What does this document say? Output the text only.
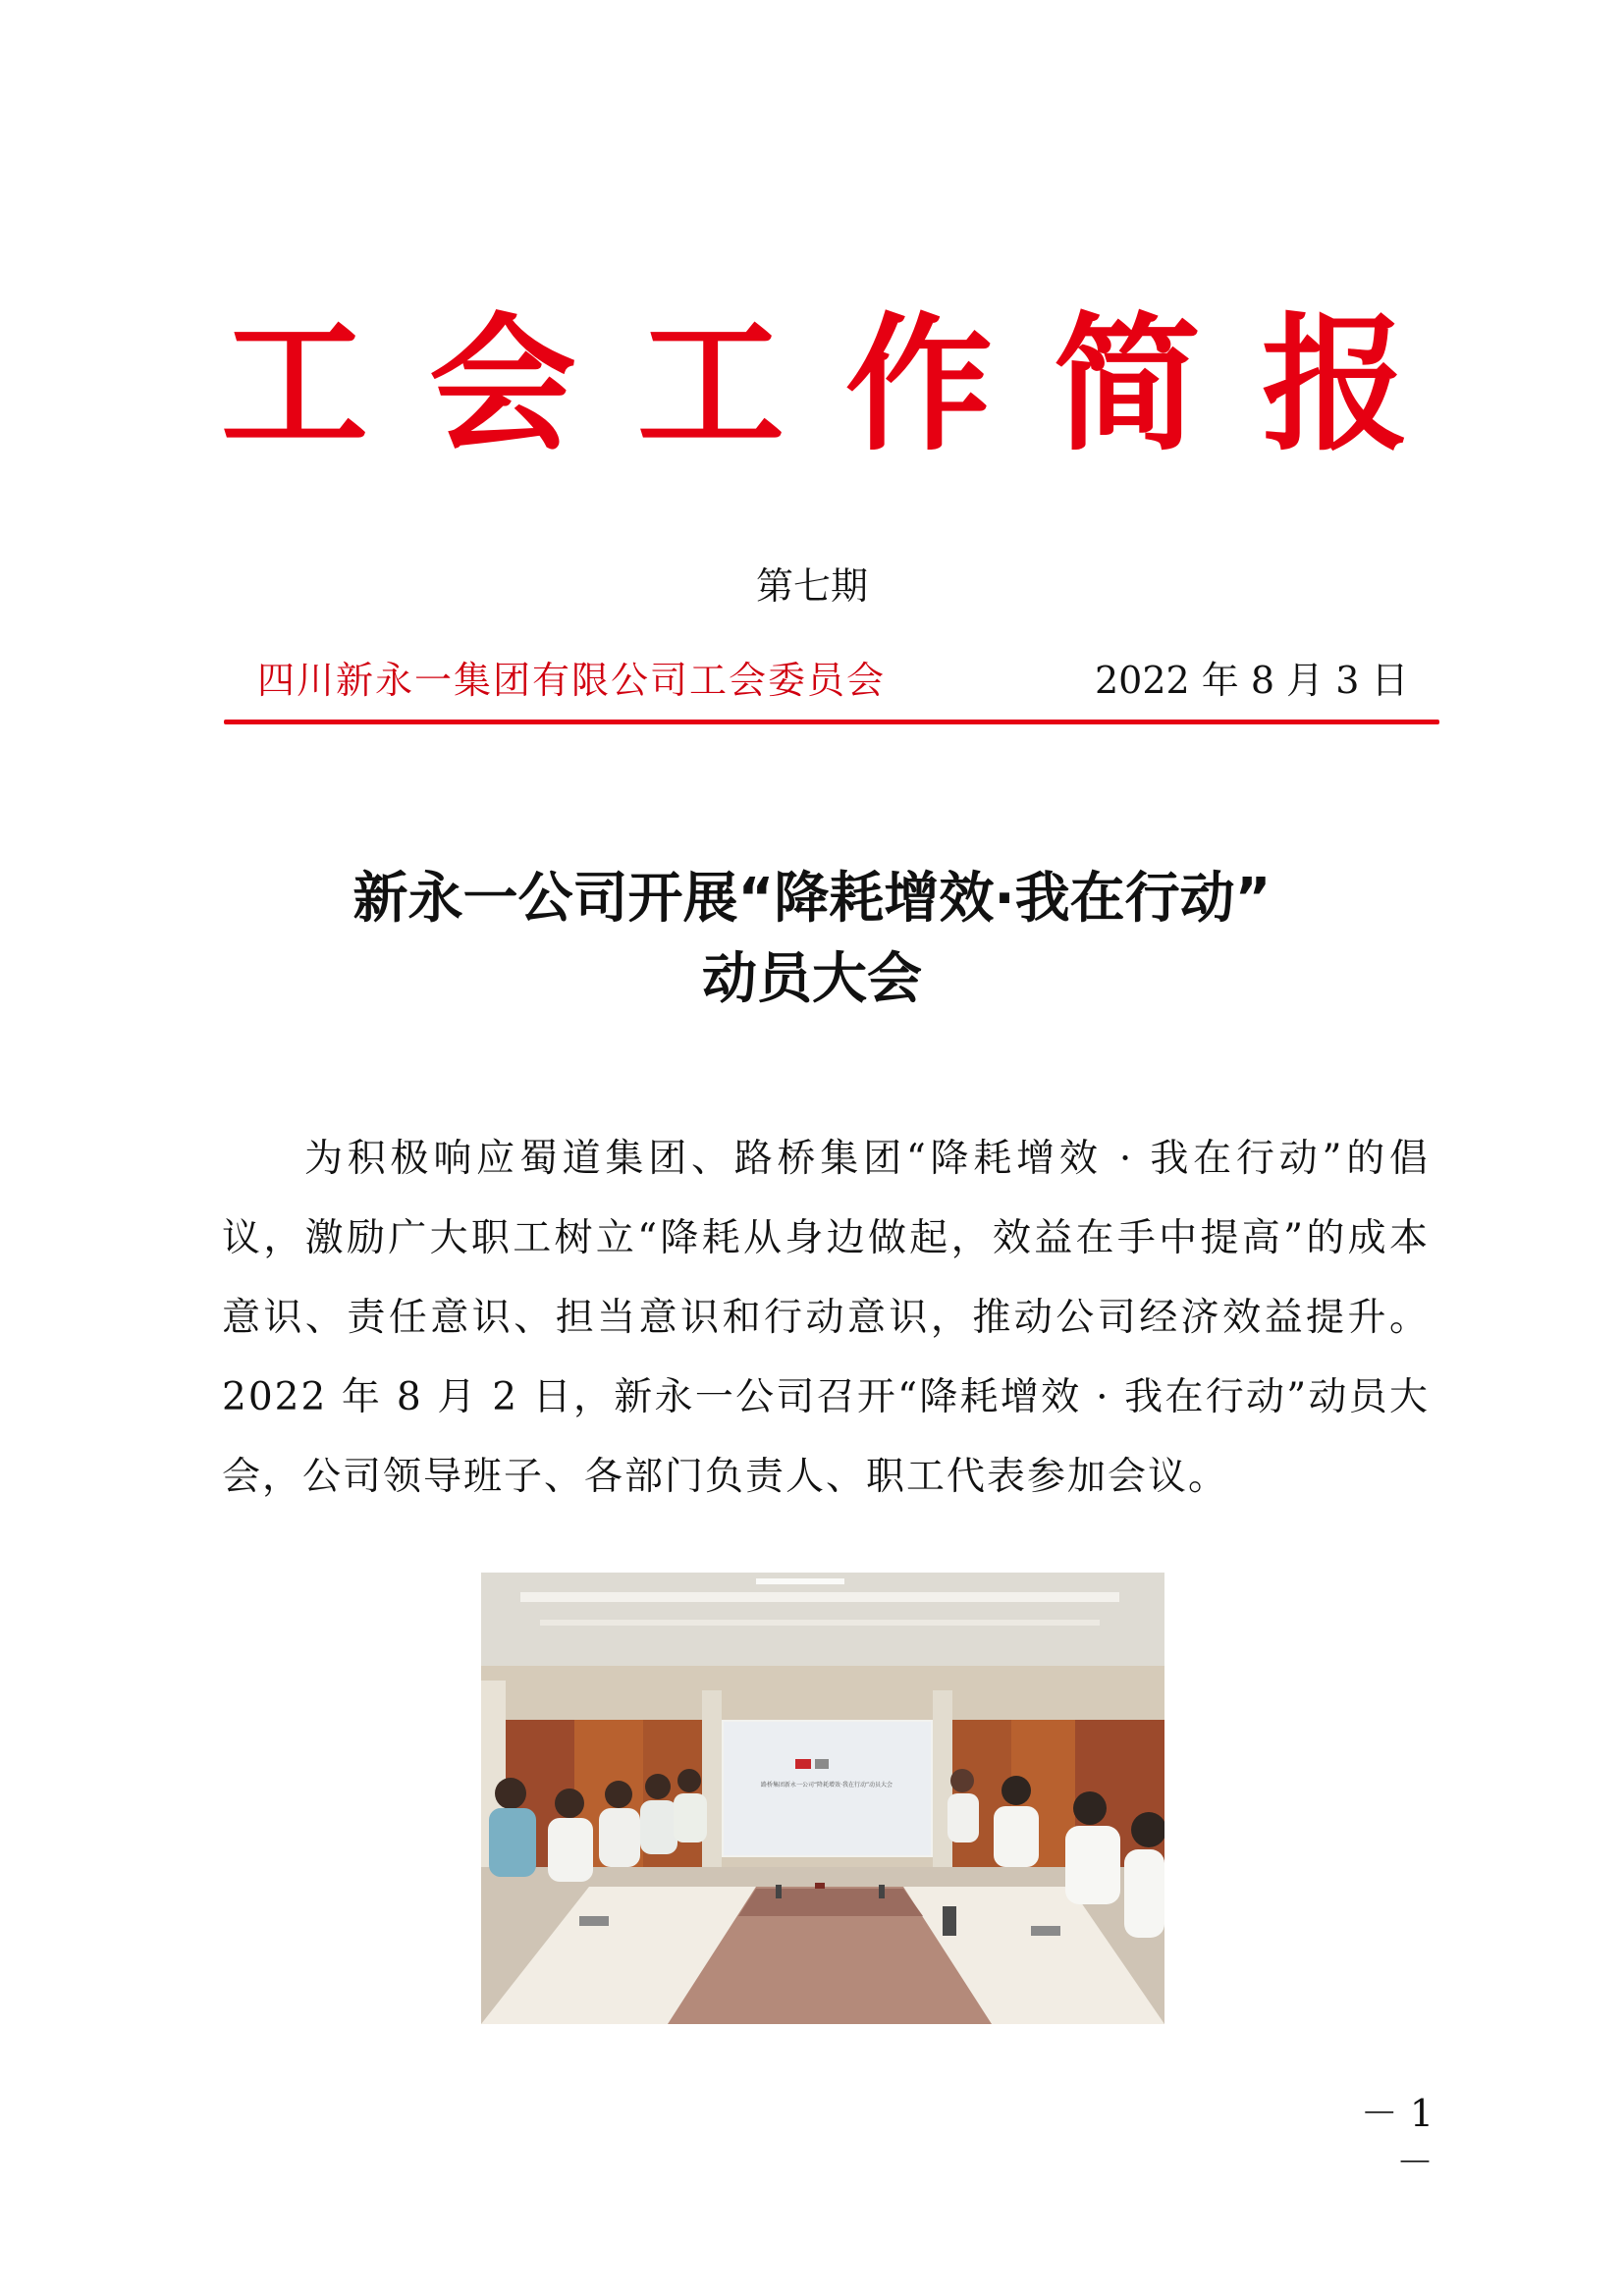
工 会 工 作 简 报
第七期
四川新永一集团有限公司工会委员会	2022 年 8 月 3 日
新永一公司开展“降耗增效·我在行动”
动员大会
为积极响应蜀道集团、路桥集团“降耗增效 · 我在行动”的倡议，激励广大职工树立“降耗从身边做起，效益在手中提高”的成本意识、责任意识、担当意识和行动意识，推动公司经济效益提升。2022 年 8 月 2 日，新永一公司召开“降耗增效 · 我在行动”动员大会，公司领导班子、各部门负责人、职工代表参加会议。
路桥集团新永一公司“降耗增效·我在行动”动员大会
－ 1 －
